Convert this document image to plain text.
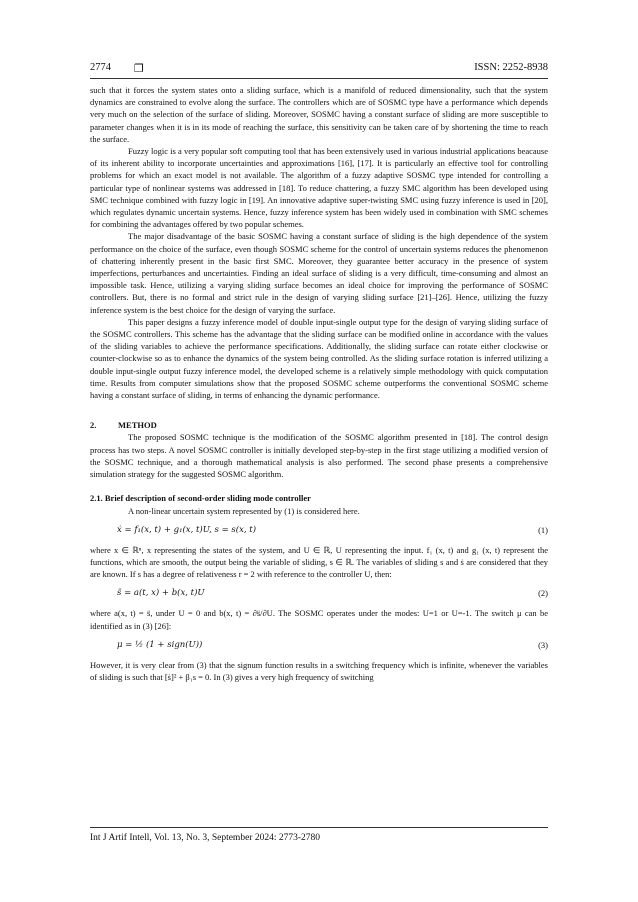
2774 ❐	ISSN: 2252-8938

such that it forces the system states onto a sliding surface, which is a manifold of reduced dimensionality, such that the system dynamics are constrained to evolve along the surface. The controllers which are of SOSMC type have a performance which depends very much on the selection of the surface of sliding. Moreover, SOSMC having a constant surface of sliding are more susceptible to parameter changes when it is in its mode of reaching the surface, this sensitivity can be taken care of by shortening the time to reach the surface.

Fuzzy logic is a very popular soft computing tool that has been extensively used in various industrial applications beacause of its inherent ability to incorporate uncertainties and approximations [16], [17]. It is particularly an effective tool for controlling problems for which an exact model is not available. The algorithm of a fuzzy adaptive SOSMC type intended for controlling a particular type of nonlinear systems was addressed in [18]. To reduce chattering, a fuzzy SMC algorithm has been developed using SMC technique combined with fuzzy logic in [19]. An innovative adaptive super-twisting SMC using fuzzy inference is used in [20], which regulates dynamic uncertain systems. Hence, fuzzy inference system has been widely used in combination with SMC schemes for combining the advantages offered by two popular schemes.

The major disadvantage of the basic SOSMC having a constant surface of sliding is the high dependence of the system performance on the choice of the surface, even though SOSMC scheme for the control of uncertain systems reduces the phenomenon of chattering inherently present in the basic first SMC. Moreover, they guarantee better accuracy in the presence of system imperfections, perturbances and uncertainties. Finding an ideal surface of sliding is a very difficult, time-consuming and almost an impossible task. Hence, utilizing a varying sliding surface becomes an ideal choice for improving the performance of SOSMC controllers. But, there is no formal and strict rule in the design of varying sliding surface [21]–[26]. Hence, utilizing the fuzzy inference system is the best choice for the design of varying the surface.

This paper designs a fuzzy inference model of double input-single output type for the design of varying sliding surface of the SOSMC controllers. This scheme has the advantage that the sliding surface can be modified online in accordance with the values of the sliding variables to achieve the performance specifications. Additionally, the sliding surface can rotate either clockwise or counter-clockwise so as to enhance the dynamics of the system being controlled. As the sliding surface rotation is inferred utilizing a double input-single output fuzzy inference model, the developed scheme is a relatively simple methodology with quick computation time. Results from computer simulations show that the proposed SOSMC scheme outperforms the conventional SOSMC scheme having a constant surface of sliding, in terms of enhancing the dynamic performance.

2.	METHOD

The proposed SOSMC technique is the modification of the SOSMC algorithm presented in [18]. The control design process has two steps. A novel SOSMC controller is initially developed step-by-step in the first stage utilizing a modified version of the SOSMC technique, and a thorough mathematical analysis is also performed. The second phase presents a comprehensive simulation strategy for the suggested SOSMC algorithm.

2.1. Brief description of second-order sliding mode controller

A non-linear uncertain system represented by (1) is considered here.

ẋ = f₁(x, t) + g₁(x, t)U, s = s(x, t)	(1)

where x ∈ ℝⁿ, x representing the states of the system, and U ∈ ℝ, U representing the input. f₁ (x, t) and g₁ (x, t) represent the functions, which are smooth, the output being the variable of sliding, s ∈ ℝ. The variables of sliding s and ṡ are considered that they are known. If s has a degree of relativeness r = 2 with reference to the controller U, then:

s̈ = a(t, x) + b(x, t)U	(2)

where a(x, t) = s̈, under U = 0 and b(x, t) = ∂s̈/∂U. The SOSMC operates under the modes: U=1 or U=-1. The switch μ can be identified as in (3) [26]:

μ = ½ (1 + sign(U))	(3)

However, it is very clear from (3) that the signum function results in a switching frequency which is infinite, whenever the variables of sliding is such that [ṡ]² + β₁s = 0. In (3) gives a very high frequency of switching

Int J Artif Intell, Vol. 13, No. 3, September 2024: 2773-2780
